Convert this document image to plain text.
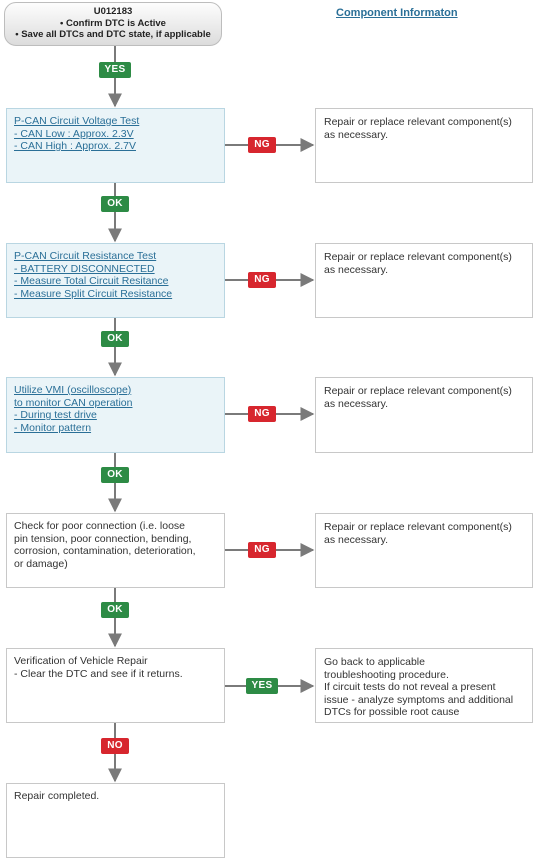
U012183
• Confirm DTC is Active
• Save all DTCs and DTC state, if applicable
Component Informaton
P-CAN Circuit Voltage Test
- CAN Low : Approx. 2.3V
- CAN High : Approx. 2.7V
P-CAN Circuit Resistance Test
- BATTERY DISCONNECTED
- Measure Total Circuit Resitance
- Measure Split Circuit Resistance
Utilize VMI (oscilloscope)
to monitor CAN operation
- During test drive
- Monitor pattern
Check for poor connection (i.e. loose
pin tension, poor connection, bending,
corrosion, contamination, deterioration,
or damage)
Verification of Vehicle Repair
- Clear the DTC and see if it returns.
Repair completed.
Repair or replace relevant component(s)
as necessary.
Repair or replace relevant component(s)
as necessary.
Repair or replace relevant component(s)
as necessary.
Repair or replace relevant component(s)
as necessary.
Go back to applicable
troubleshooting procedure.
If circuit tests do not reveal a present
issue - analyze symptoms and additional
DTCs for possible root cause
YES
OK
OK
OK
OK
NO
NG
NG
NG
NG
YES
